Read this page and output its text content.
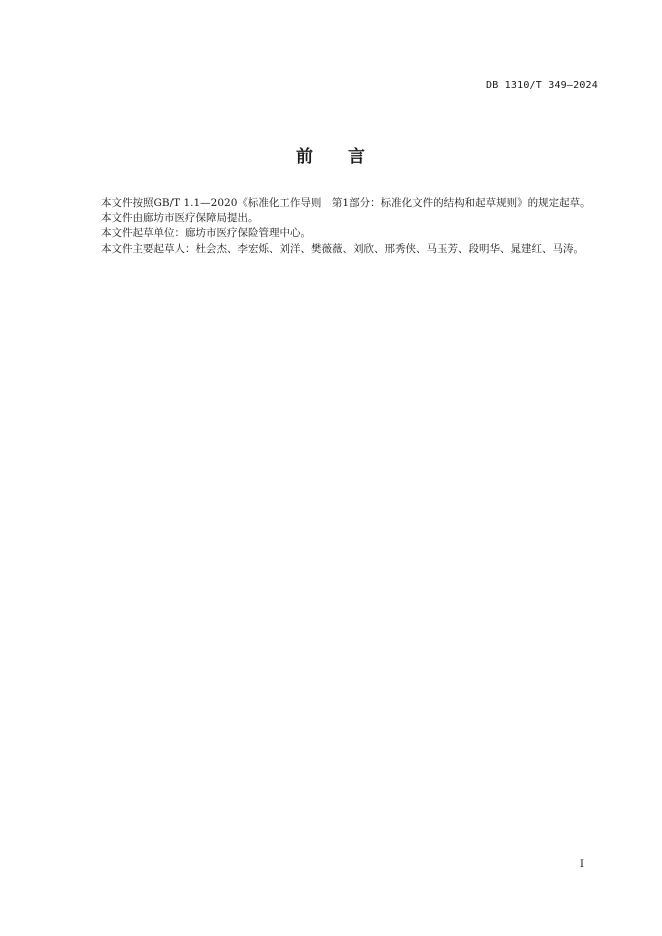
DB 1310/T 349—2024
前 言

本文件按照GB/T 1.1—2020《标准化工作导则　第1部分：标准化文件的结构和起草规则》的规定起草。

本文件由廊坊市医疗保障局提出。

本文件起草单位：廊坊市医疗保险管理中心。

本文件主要起草人：杜会杰、李宏烁、刘洋、樊薇薇、刘欣、邢秀侠、马玉芳、段明华、晁建红、马涛。

I
